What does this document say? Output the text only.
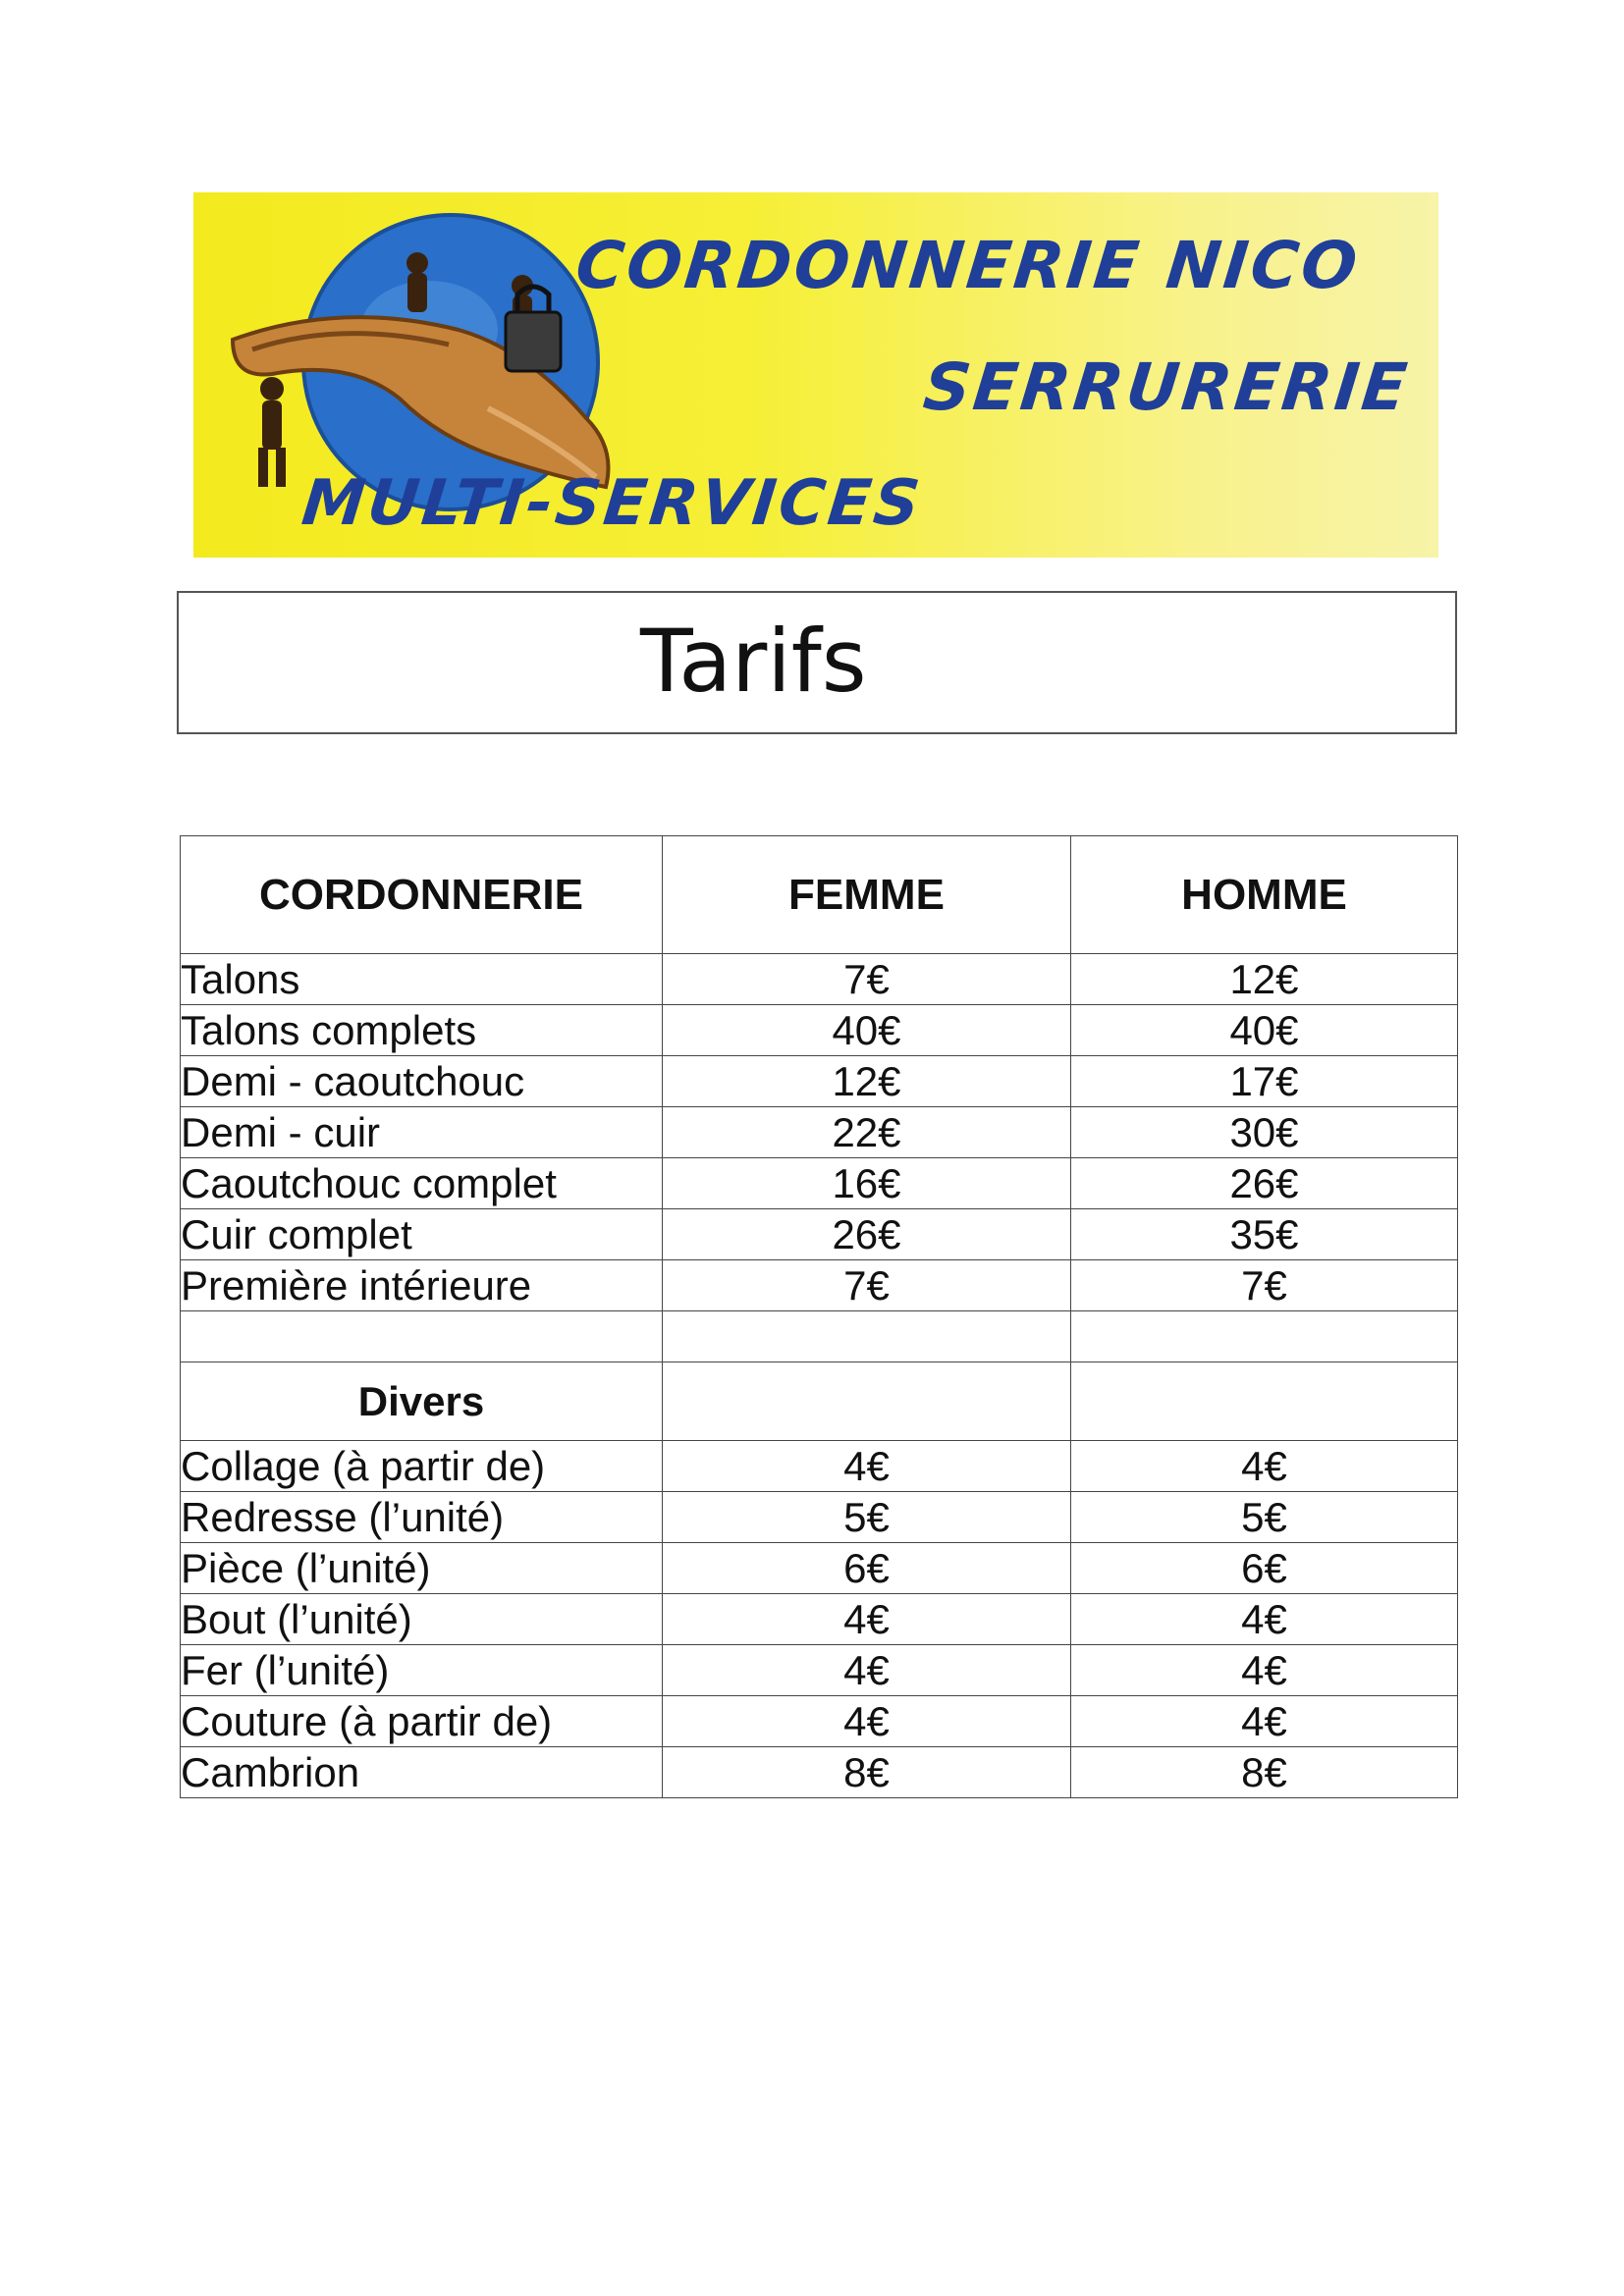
CORDONNERIE NICO
SERRURERIE
MULTI-SERVICES
Tarifs
CORDONNERIE	FEMME	HOMME
Talons	7€	12€
Talons complets	40€	40€
Demi - caoutchouc	12€	17€
Demi - cuir	22€	30€
Caoutchouc complet	16€	26€
Cuir complet	26€	35€
Première intérieure	7€	7€

Divers		
Collage (à partir de)	4€	4€
Redresse (l’unité)	5€	5€
Pièce (l’unité)	6€	6€
Bout (l’unité)	4€	4€
Fer (l’unité)	4€	4€
Couture (à partir de)	4€	4€
Cambrion	8€	8€
